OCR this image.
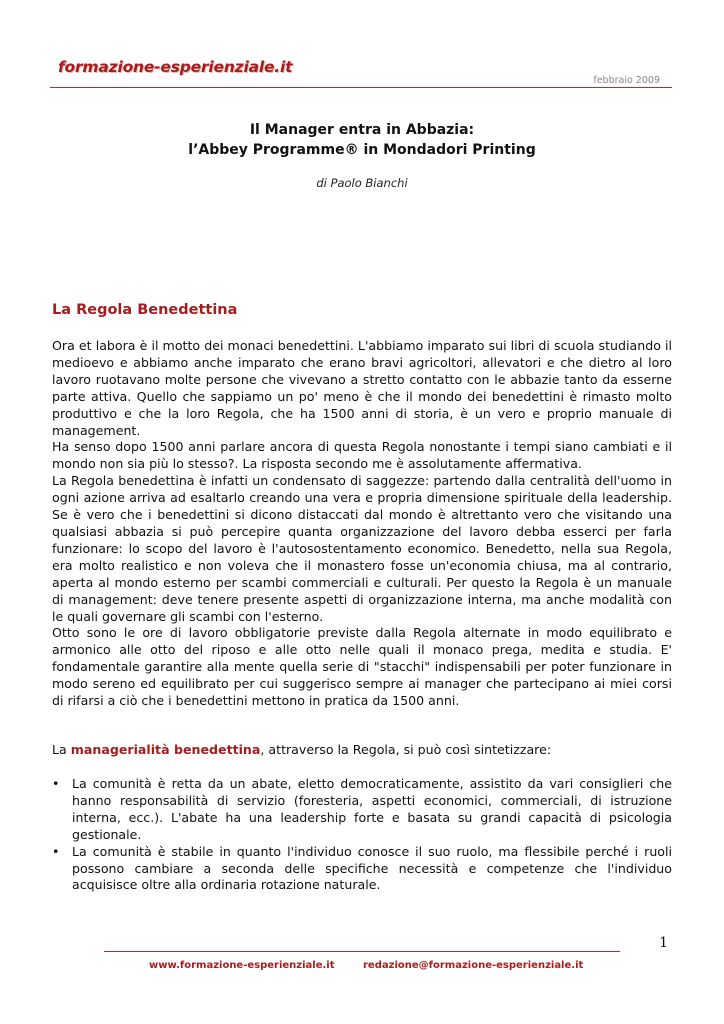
formazione-esperienziale.it
febbraio 2009
Il Manager entra in Abbazia:
l’Abbey Programme® in Mondadori Printing
di Paolo Bianchi
La Regola Benedettina

Ora et labora è il motto dei monaci benedettini. L'abbiamo imparato sui libri di scuola studiando il medioevo e abbiamo anche imparato che erano bravi agricoltori, allevatori e che dietro al loro lavoro ruotavano molte persone che vivevano a stretto contatto con le abbazie tanto da esserne parte attiva. Quello che sappiamo un po' meno è che il mondo dei benedettini è rimasto molto produttivo e che la loro Regola, che ha 1500 anni di storia, è un vero e proprio manuale di management.

Ha senso dopo 1500 anni parlare ancora di questa Regola nonostante i tempi siano cambiati e il mondo non sia più lo stesso?. La risposta secondo me è assolutamente affermativa.

La Regola benedettina è infatti un condensato di saggezze: partendo dalla centralità dell'uomo in ogni azione arriva ad esaltarlo creando una vera e propria dimensione spirituale della leadership. Se è vero che i benedettini si dicono distaccati dal mondo è altrettanto vero che visitando una qualsiasi abbazia si può percepire quanta organizzazione del lavoro debba esserci per farla funzionare: lo scopo del lavoro è l'autosostentamento economico. Benedetto, nella sua Regola, era molto realistico e non voleva che il monastero fosse un'economia chiusa, ma al contrario, aperta al mondo esterno per scambi commerciali e culturali. Per questo la Regola è un manuale di management: deve tenere presente aspetti di organizzazione interna, ma anche modalità con le quali governare gli scambi con l'esterno.

Otto sono le ore di lavoro obbligatorie previste dalla Regola alternate in modo equilibrato e armonico alle otto del riposo e alle otto nelle quali il monaco prega, medita e studia. E' fondamentale garantire alla mente quella serie di "stacchi" indispensabili per poter funzionare in modo sereno ed equilibrato per cui suggerisco sempre ai manager che partecipano ai miei corsi di rifarsi a ciò che i benedettini mettono in pratica da 1500 anni.

La managerialità benedettina, attraverso la Regola, si può così sintetizzare:
• La comunità è retta da un abate, eletto democraticamente, assistito da vari consiglieri che hanno responsabilità di servizio (foresteria, aspetti economici, commerciali, di istruzione interna, ecc.). L'abate ha una leadership forte e basata su grandi capacità di psicologia gestionale.
• La comunità è stabile in quanto l'individuo conosce il suo ruolo, ma flessibile perché i ruoli possono cambiare a seconda delle specifiche necessità e competenze che l'individuo acquisisce oltre alla ordinaria rotazione naturale.
1
www.formazione-esperienziale.it	redazione@formazione-esperienziale.it
